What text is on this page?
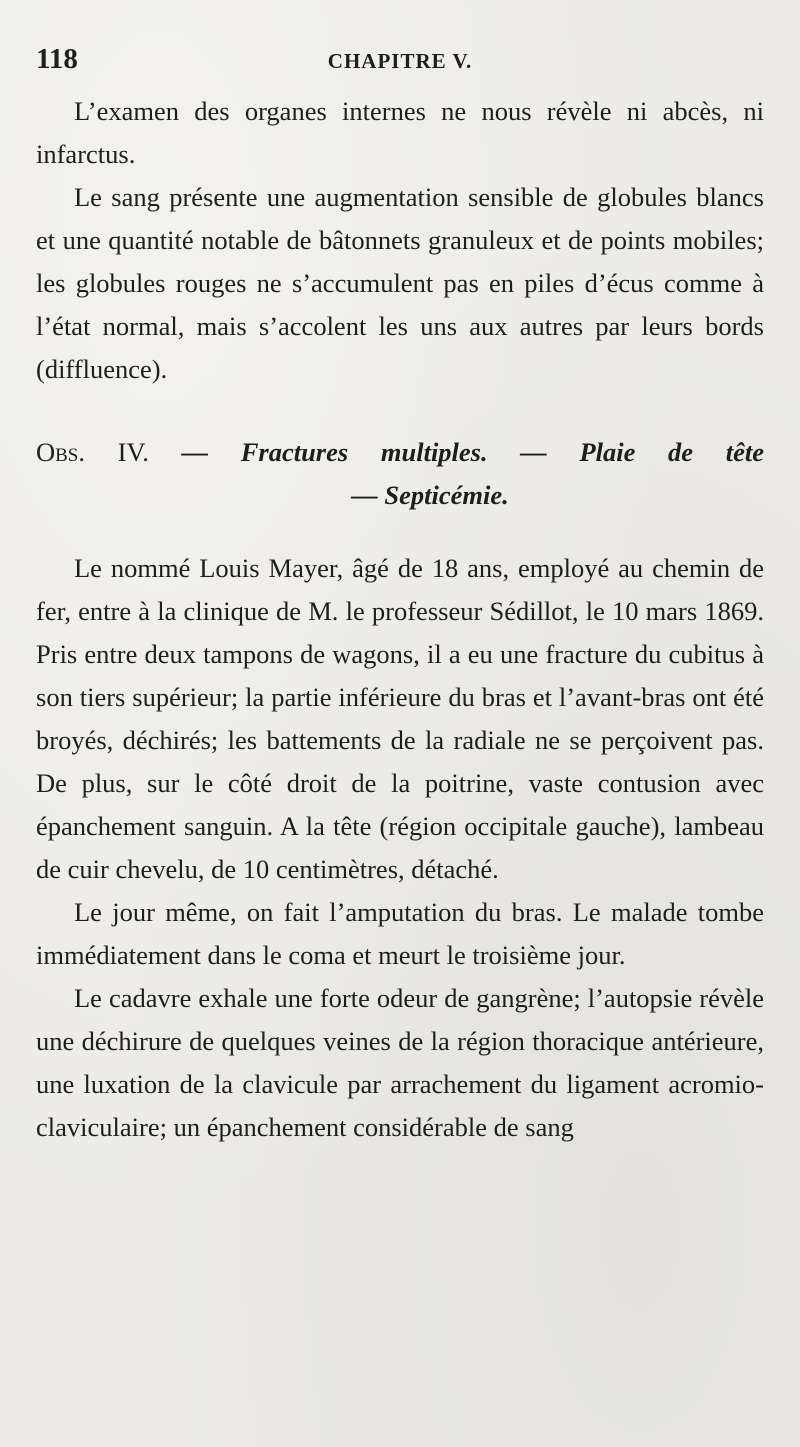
118	CHAPITRE V.

L’examen des organes internes ne nous révèle ni abcès, ni infarctus.

Le sang présente une augmentation sensible de globules blancs et une quantité notable de bâtonnets granuleux et de points mobiles; les globules rouges ne s’accumulent pas en piles d’écus comme à l’état normal, mais s’accolent les uns aux autres par leurs bords (diffluence).

Obs. IV. — Fractures multiples. — Plaie de tête
— Septicémie.

Le nommé Louis Mayer, âgé de 18 ans, employé au chemin de fer, entre à la clinique de M. le professeur Sédillot, le 10 mars 1869. Pris entre deux tampons de wagons, il a eu une fracture du cubitus à son tiers supérieur; la partie inférieure du bras et l’avant-bras ont été broyés, déchirés; les battements de la radiale ne se perçoivent pas. De plus, sur le côté droit de la poitrine, vaste contusion avec épanchement sanguin. A la tête (région occipitale gauche), lambeau de cuir chevelu, de 10 centimètres, détaché.

Le jour même, on fait l’amputation du bras. Le malade tombe immédiatement dans le coma et meurt le troisième jour.

Le cadavre exhale une forte odeur de gangrène; l’autopsie révèle une déchirure de quelques veines de la région thoracique antérieure, une luxation de la clavicule par arrachement du ligament acromio-claviculaire; un épanchement considérable de sang
